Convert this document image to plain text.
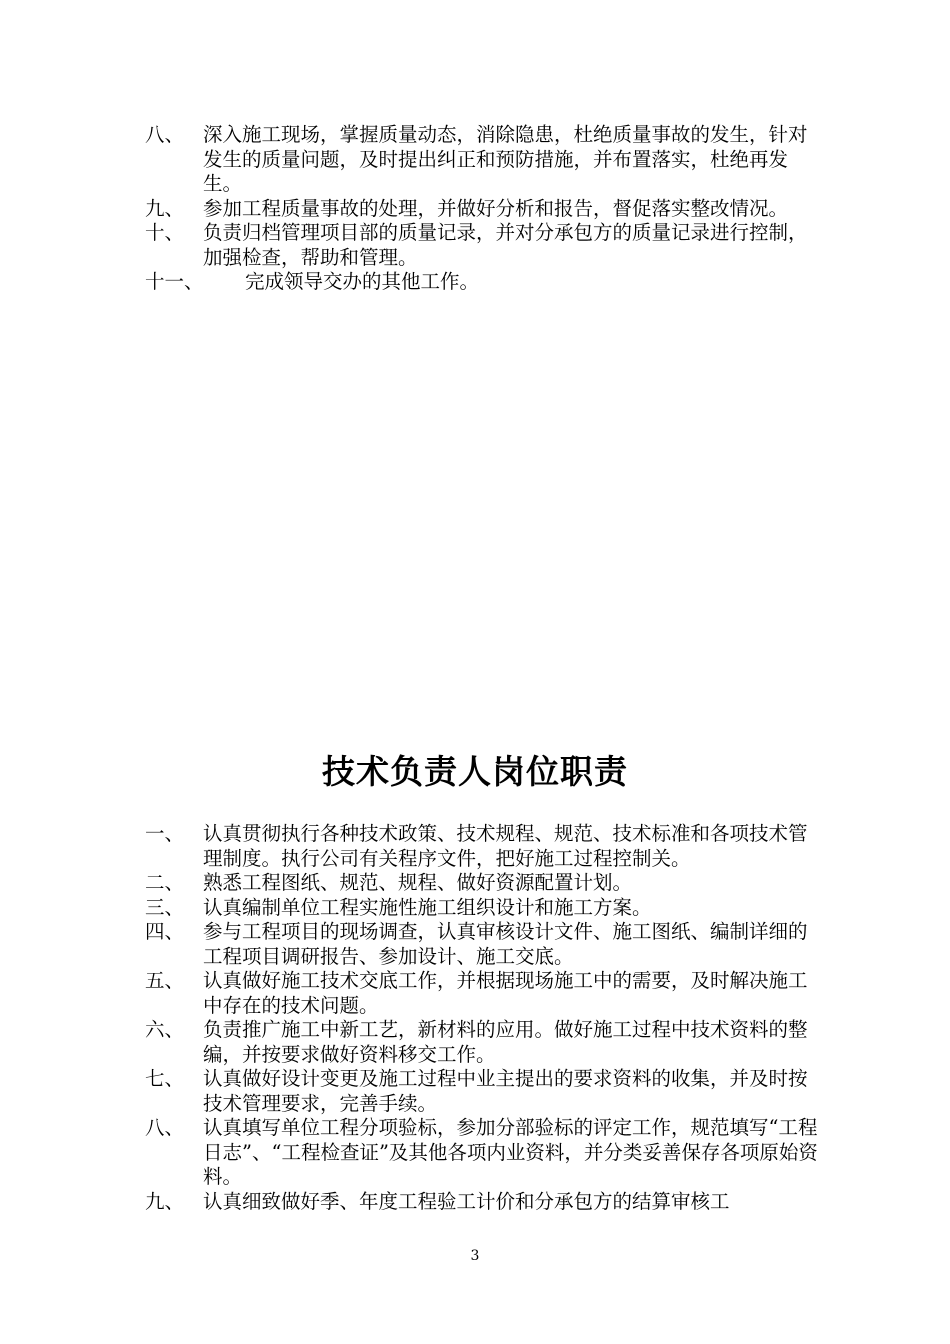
八、 深入施工现场，掌握质量动态，消除隐患，杜绝质量事故的发生，针对发生的质量问题，及时提出纠正和预防措施，并布置落实，杜绝再发生。
九、 参加工程质量事故的处理，并做好分析和报告，督促落实整改情况。
十、 负责归档管理项目部的质量记录，并对分承包方的质量记录进行控制，加强检查，帮助和管理。
十一、 完成领导交办的其他工作。
技术负责人岗位职责
一、 认真贯彻执行各种技术政策、技术规程、规范、技术标准和各项技术管理制度。执行公司有关程序文件，把好施工过程控制关。
二、 熟悉工程图纸、规范、规程、做好资源配置计划。
三、 认真编制单位工程实施性施工组织设计和施工方案。
四、 参与工程项目的现场调查，认真审核设计文件、施工图纸、编制详细的工程项目调研报告、参加设计、施工交底。
五、 认真做好施工技术交底工作，并根据现场施工中的需要，及时解决施工中存在的技术问题。
六、 负责推广施工中新工艺，新材料的应用。做好施工过程中技术资料的整编，并按要求做好资料移交工作。
七、 认真做好设计变更及施工过程中业主提出的要求资料的收集，并及时按技术管理要求，完善手续。
八、 认真填写单位工程分项验标，参加分部验标的评定工作，规范填写“工程日志”、“工程检查证”及其他各项内业资料，并分类妥善保存各项原始资料。
九、 认真细致做好季、年度工程验工计价和分承包方的结算审核工
3
